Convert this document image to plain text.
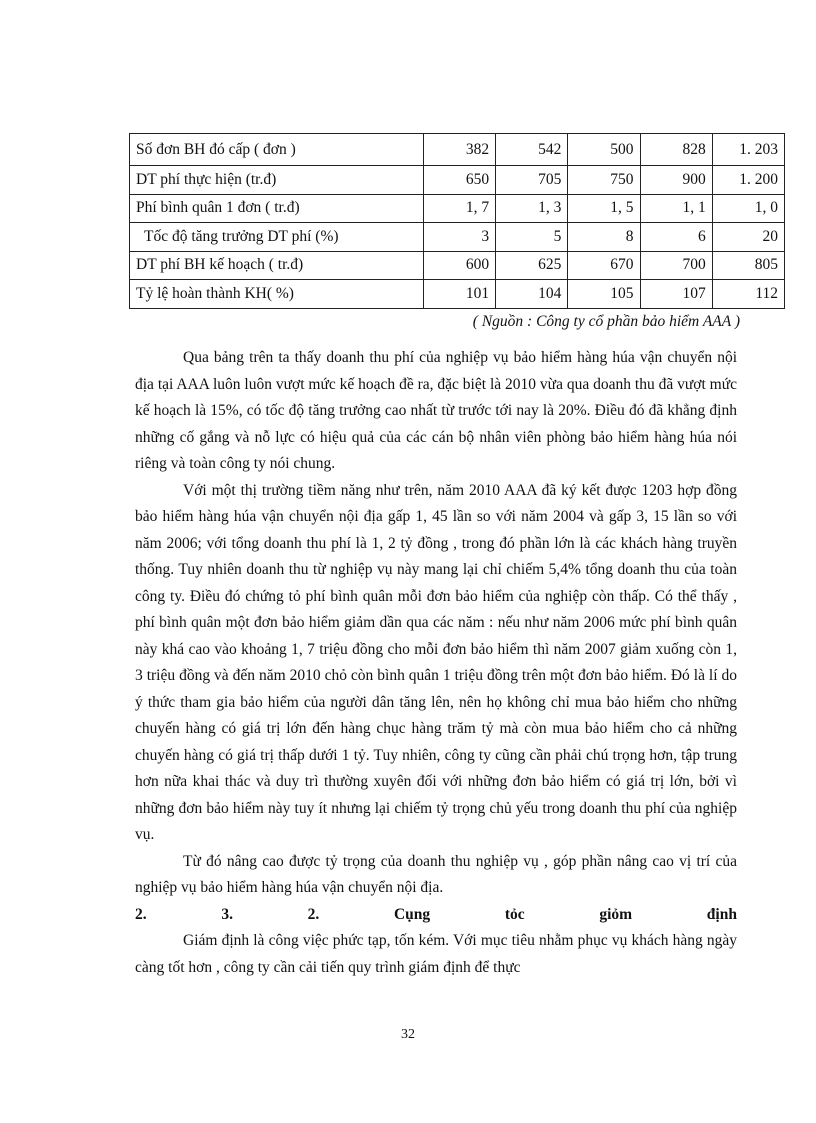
Số đơn BH đó cấp ( đơn )	382	542	500	828	1. 203
DT phí thực hiện (tr.đ)	650	705	750	900	1. 200
Phí bình quân 1 đơn ( tr.đ)	1, 7	1, 3	1, 5	1, 1	1, 0
Tốc độ tăng trưởng DT phí (%)	3	5	8	6	20
DT phí BH kế hoạch ( tr.đ)	600	625	670	700	805
Tỷ lệ hoàn thành KH( %)	101	104	105	107	112
( Nguồn : Công ty cổ phần bảo hiểm AAA )

Qua bảng trên ta thấy doanh thu phí của nghiệp vụ bảo hiểm hàng húa vận chuyển nội địa tại AAA luôn luôn vượt mức kế hoạch đề ra, đặc biệt là 2010 vừa qua doanh thu đã vượt mức kế hoạch là 15%, có tốc độ tăng trưởng cao nhất từ trước tới nay là 20%. Điều đó đã khẳng định những cố gắng và nỗ lực có hiệu quả của các cán bộ nhân viên phòng bảo hiểm hàng húa nói riêng và toàn công ty nói chung.

Với một thị trường tiềm năng như trên, năm 2010 AAA đã ký kết được 1203 hợp đồng bảo hiểm hàng húa vận chuyển nội địa gấp 1, 45 lần so với năm 2004 và gấp 3, 15 lần so với năm 2006; với tổng doanh thu phí là 1, 2 tỷ đồng , trong đó phần lớn là các khách hàng truyền thống. Tuy nhiên doanh thu từ nghiệp vụ này mang lại chỉ chiếm 5,4% tổng doanh thu của toàn công ty. Điều đó chứng tỏ phí bình quân mỗi đơn bảo hiểm của nghiệp còn thấp. Có thể thấy , phí bình quân một đơn bảo hiểm giảm dần qua các năm : nếu như năm 2006 mức phí bình quân này khá cao vào khoảng 1, 7 triệu đồng cho mỗi đơn bảo hiểm thì năm 2007 giảm xuống còn 1, 3 triệu đồng và đến năm 2010 chỏ còn bình quân 1 triệu đồng trên một đơn bảo hiểm. Đó là lí do ý thức tham gia bảo hiểm của người dân tăng lên, nên họ không chỉ mua bảo hiểm cho những chuyến hàng có giá trị lớn đến hàng chục hàng trăm tỷ mà còn mua bảo hiểm cho cả những chuyến hàng có giá trị thấp dưới 1 tỷ. Tuy nhiên, công ty cũng cần phải chú trọng hơn, tập trung hơn nữa khai thác và duy trì thường xuyên đối với những đơn bảo hiểm có giá trị lớn, bởi vì những đơn bảo hiểm này tuy ít nhưng lại chiếm tỷ trọng chủ yếu trong doanh thu phí của nghiệp vụ.

Từ đó nâng cao được tỷ trọng của doanh thu nghiệp vụ , góp phần nâng cao vị trí của nghiệp vụ bảo hiểm hàng húa vận chuyển nội địa.

2.	3.	2.	Cụng	tỏc	giỏm	định

Giám định là công việc phức tạp, tốn kém. Với mục tiêu nhằm phục vụ khách hàng ngày càng tốt hơn , công ty cần cải tiến quy trình giám định để thực

32
